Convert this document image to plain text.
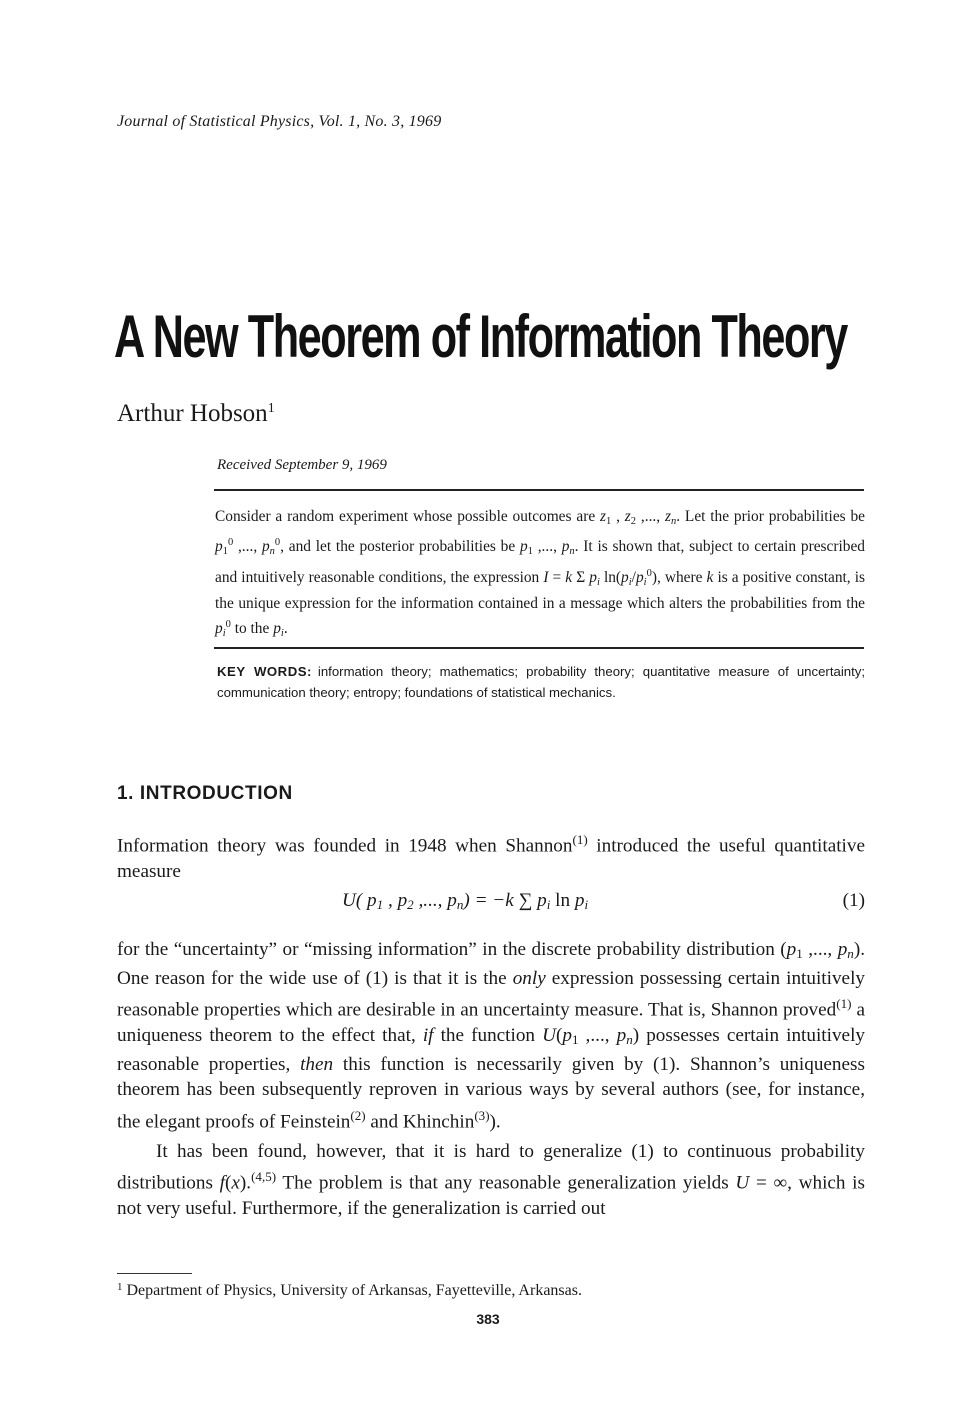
Journal of Statistical Physics, Vol. 1, No. 3, 1969
A New Theorem of Information Theory
Arthur Hobson$^1$
Received September 9, 1969

Consider a random experiment whose possible outcomes are $z_1$ , $z_2$ ,..., $z_n$. Let the prior probabilities be $p_1^0$ ,..., $p_n^0$, and let the posterior probabilities be $p_1$ ,..., $p_n$. It is shown that, subject to certain prescribed and intuitively reasonable conditions, the expression I = k Σ $p_i$ $\ln(p_i/p_i^0)$, where k is a positive constant, is the unique expression for the information contained in a message which alters the probabilities from the $p_i^0$ to the $p_i$.

KEY WORDS: information theory; mathematics; probability theory; quantitative measure of uncertainty; communication theory; entropy; foundations of statistical mechanics.
1. INTRODUCTION

Information theory was founded in 1948 when Shannon$^{(1)}$ introduced the useful quantitative measure

U( $p_1$ , $p_2$ ,..., $p_n) = -k$ ∑ $p_i$ $\ln p_i$	(1)

for the “uncertainty” or “missing information” in the discrete probability distribution ($p_1$ ,..., $p_n$). One reason for the wide use of (1) is that it is the only expression possessing certain intuitively reasonable properties which are desirable in an uncertainty measure. That is, Shannon proved$^{(1)}$ a uniqueness theorem to the effect that, if the function $U(p_1$ ,..., $p_n$) possesses certain intuitively reasonable properties, then this function is necessarily given by (1). Shannon’s uniqueness theorem has been subsequently reproven in various ways by several authors (see, for instance, the elegant proofs of Feinstein$^{(2)}$ and Khinchin$^{(3)}$).

It has been found, however, that it is hard to generalize (1) to continuous probability distributions f(x).$^{(4,5)}$ The problem is that any reasonable generalization yields U = ∞, which is not very useful. Furthermore, if the generalization is carried out

$^1$ Department of Physics, University of Arkansas, Fayetteville, Arkansas.
383
